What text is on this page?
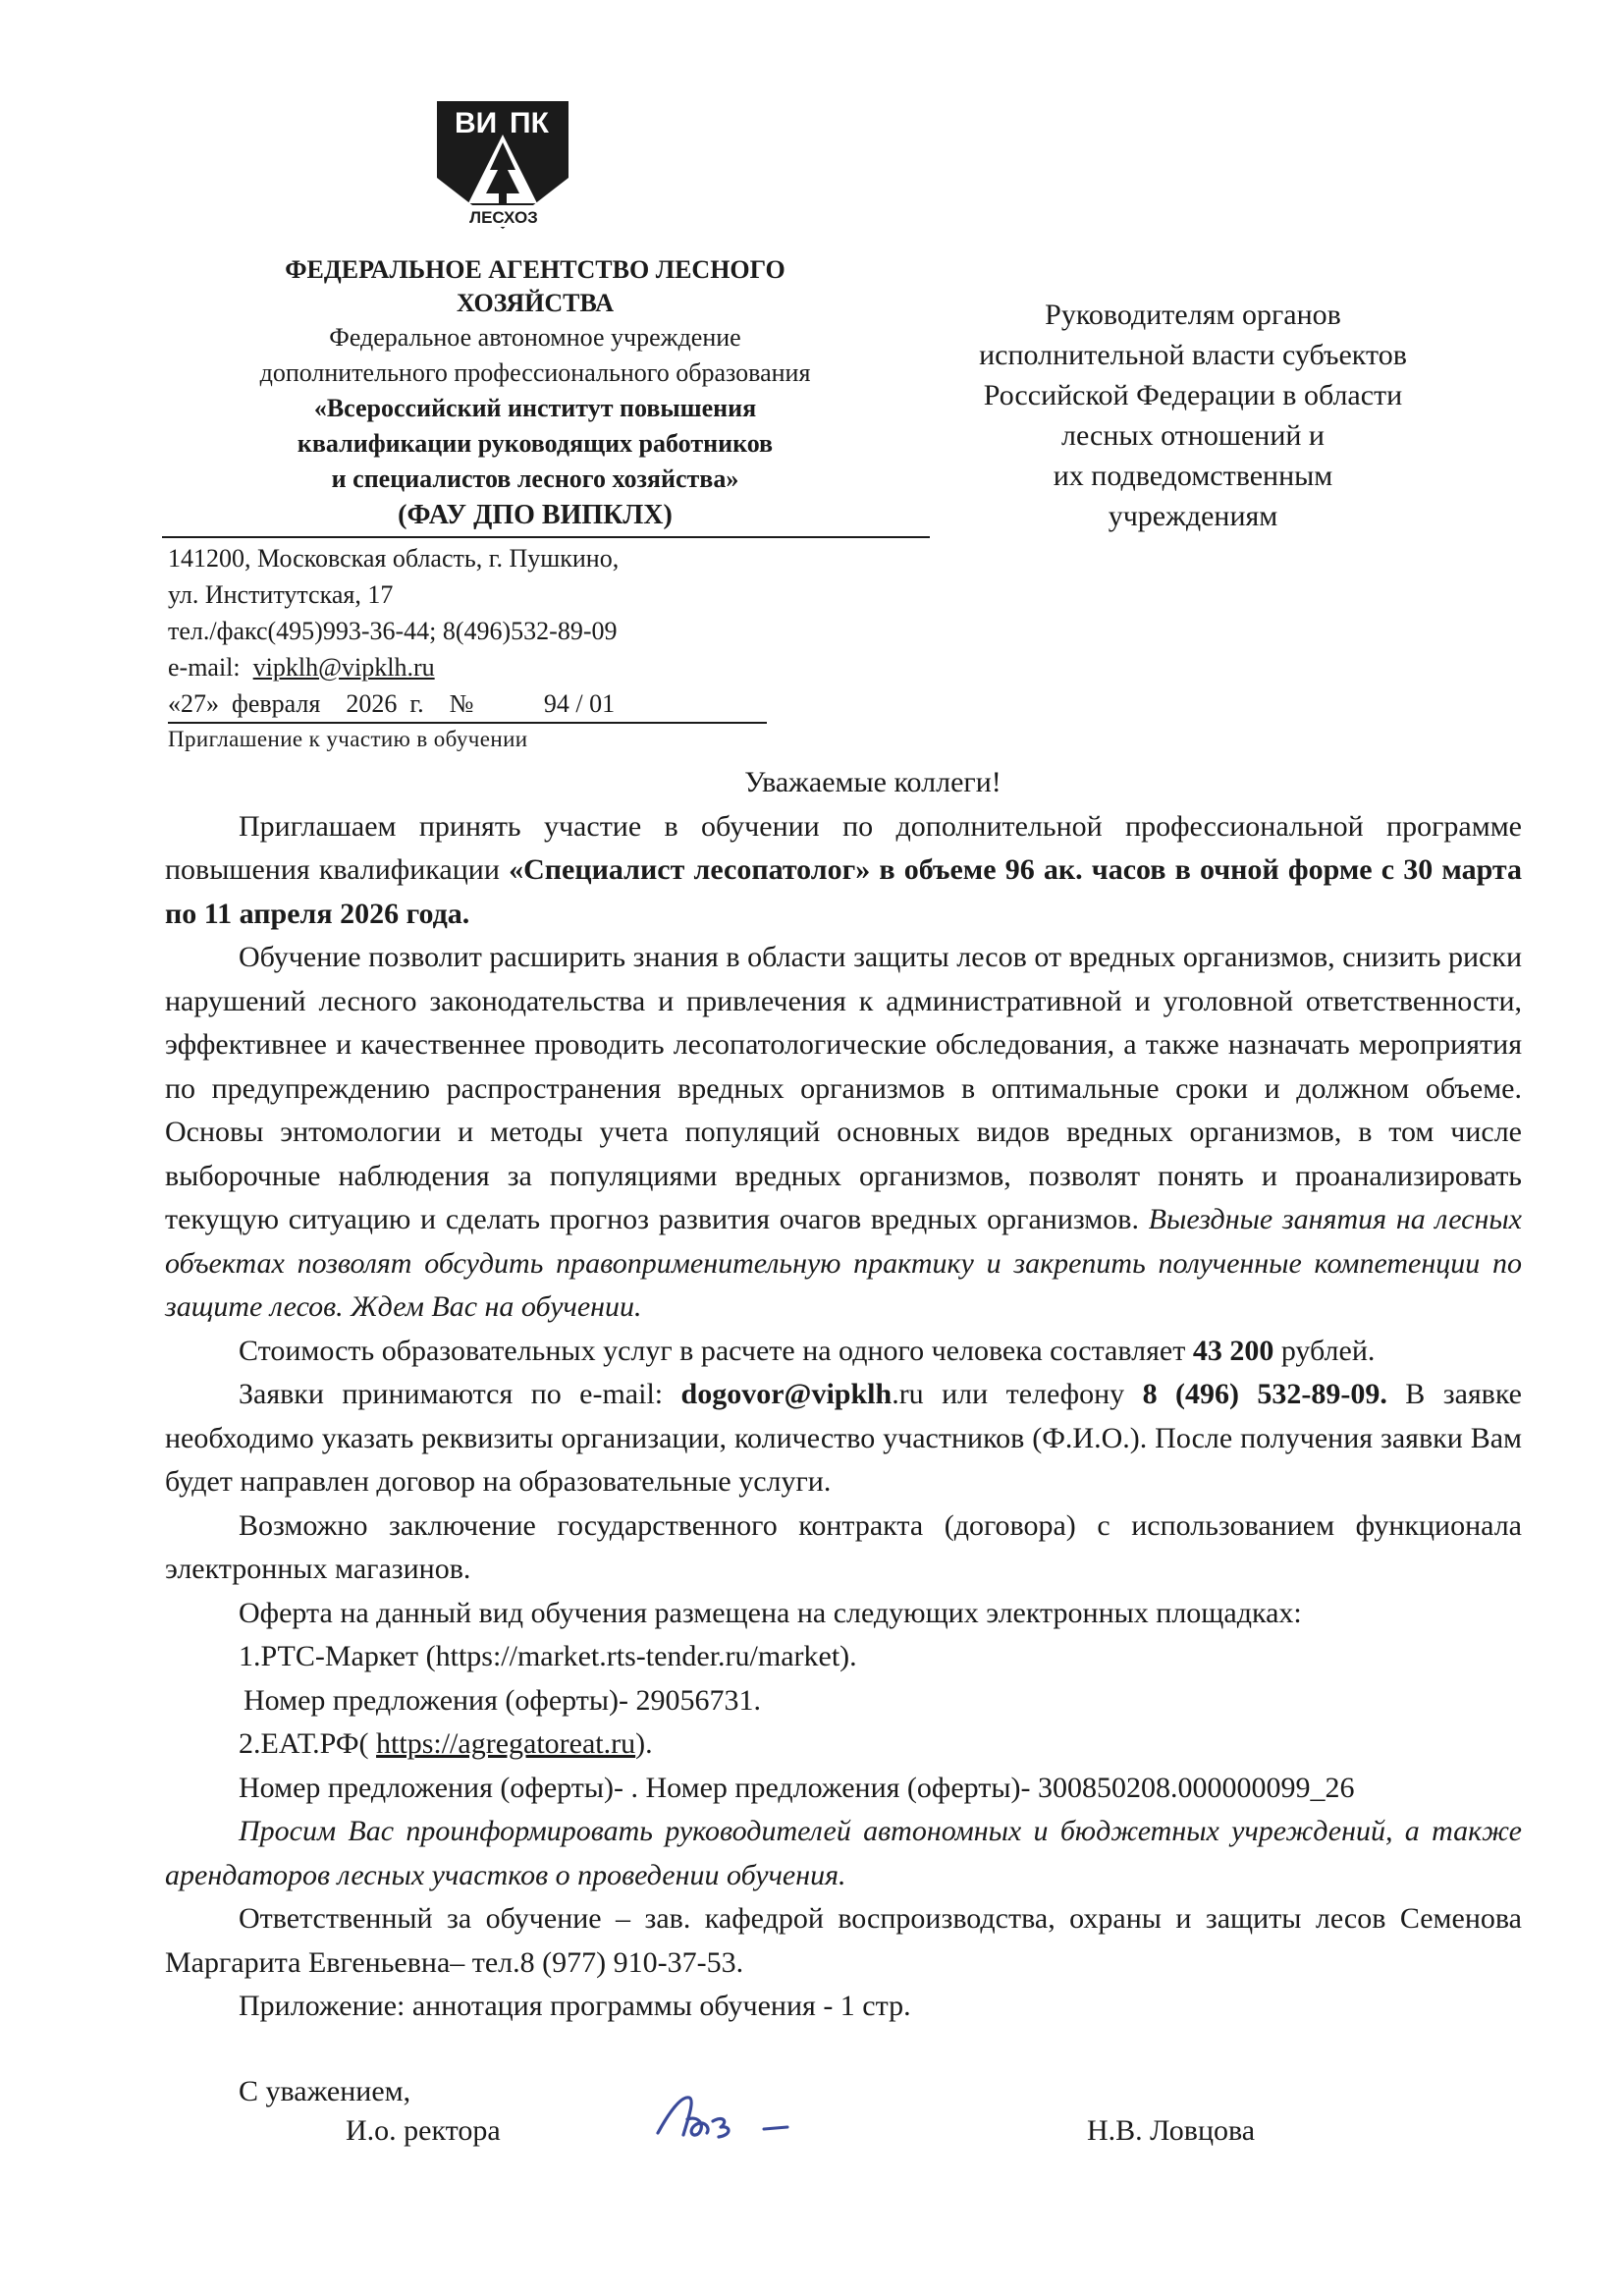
ВИ ПК
ЛЕСХОЗ
ФЕДЕРАЛЬНОЕ АГЕНТСТВО ЛЕСНОГО
ХОЗЯЙСТВА
Федеральное автономное учреждение
дополнительного профессионального образования
«Всероссийский институт повышения
квалификации руководящих работников
и специалистов лесного хозяйства»
(ФАУ ДПО ВИПКЛХ)
141200, Московская область, г. Пушкино,
ул. Институтская, 17
тел./факс(495)993-36-44; 8(496)532-89-09
e-mail:  vipklh@vipklh.ru
«27»  февраля    2026  г.    №           94 / 01
Приглашение к участию в обучении
Руководителям органов
исполнительной власти субъектов
Российской Федерации в области
лесных отношений и
их подведомственным
учреждениям
Уважаемые коллеги!

Приглашаем принять участие в обучении по дополнительной профессиональной программе повышения квалификации «Специалист лесопатолог» в объеме 96 ак. часов в очной форме с 30 марта по 11 апреля 2026 года.

Обучение позволит расширить знания в области защиты лесов от вредных организмов, снизить риски нарушений лесного законодательства и привлечения к административной и уголовной ответственности, эффективнее и качественнее проводить лесопатологические обследования, а также назначать мероприятия по предупреждению распространения вредных организмов в оптимальные сроки и должном объеме. Основы энтомологии и методы учета популяций основных видов вредных организмов, в том числе выборочные наблюдения за популяциями вредных организмов, позволят понять и проанализировать текущую ситуацию и сделать прогноз развития очагов вредных организмов. Выездные занятия на лесных объектах позволят обсудить правоприменительную практику и закрепить полученные компетенции по защите лесов. Ждем Вас на обучении.

Стоимость образовательных услуг в расчете на одного человека составляет 43 200 рублей.

Заявки принимаются по e-mail: dogovor@vipklh.ru или телефону 8 (496) 532-89-09. В заявке необходимо указать реквизиты организации, количество участников (Ф.И.О.). После получения заявки Вам будет направлен договор на образовательные услуги.

Возможно заключение государственного контракта (договора) с использованием функционала электронных магазинов.

Оферта на данный вид обучения размещена на следующих электронных площадках:

1.РТС-Маркет (https://market.rts-tender.ru/market).

Номер предложения (оферты)- 29056731.

2.ЕАТ.РФ( https://agregatoreat.ru).

Номер предложения (оферты)- . Номер предложения (оферты)- 300850208.000000099_26

Просим Вас проинформировать руководителей автономных и бюджетных учреждений, а также арендаторов лесных участков о проведении обучения.

Ответственный за обучение – зав. кафедрой воспроизводства, охраны и защиты лесов Семенова Маргарита Евгеньевна– тел.8 (977) 910-37-53.

Приложение: аннотация программы обучения - 1 стр.

С уважением,
И.о. ректора	Н.В. Ловцова
